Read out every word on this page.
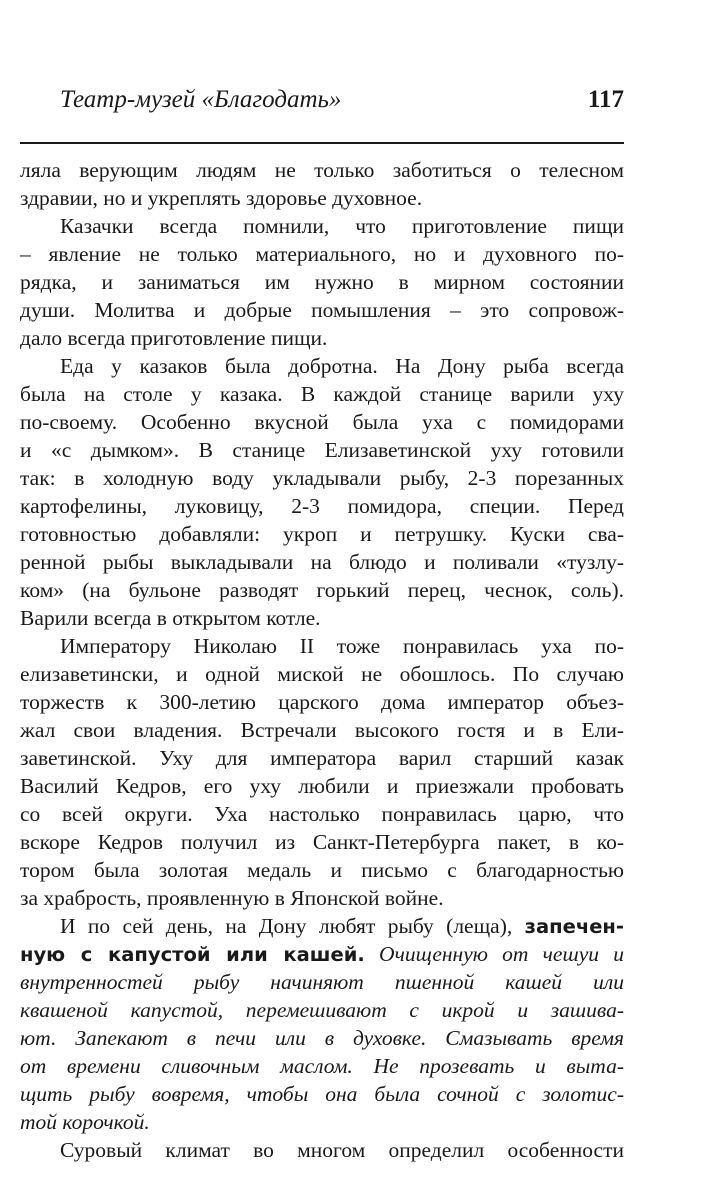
Театр-музей «Благодать»	117
ляла верующим людям не только заботиться о телесном
здравии, но и укреплять здоровье духовное.
Казачки всегда помнили, что приготовление пищи
– явление не только материального, но и духовного по-
рядка, и заниматься им нужно в мирном состоянии
души. Молитва и добрые помышления – это сопровож-
дало всегда приготовление пищи.
Еда у казаков была добротна. На Дону рыба всегда
была на столе у казака. В каждой станице варили уху
по-своему. Особенно вкусной была уха с помидорами
и «с дымком». В станице Елизаветинской уху готовили
так: в холодную воду укладывали рыбу, 2-3 порезанных
картофелины, луковицу, 2-3 помидора, специи. Перед
готовностью добавляли: укроп и петрушку. Куски сва-
ренной рыбы выкладывали на блюдо и поливали «тузлу-
ком» (на бульоне разводят горький перец, чеснок, соль).
Варили всегда в открытом котле.
Императору Николаю II тоже понравилась уха по-
елизаветински, и одной миской не обошлось. По случаю
торжеств к 300-летию царского дома император объез-
жал свои владения. Встречали высокого гостя и в Ели-
заветинской. Уху для императора варил старший казак
Василий Кедров, его уху любили и приезжали пробовать
со всей округи. Уха настолько понравилась царю, что
вскоре Кедров получил из Санкт-Петербурга пакет, в ко-
тором была золотая медаль и письмо с благодарностью
за храбрость, проявленную в Японской войне.
И по сей день, на Дону любят рыбу (леща), запечен-
ную с капустой или кашей. Очищенную от чешуи и
внутренностей рыбу начиняют пшенной кашей или
квашеной капустой, перемешивают с икрой и зашива-
ют. Запекают в печи или в духовке. Смазывать время
от времени сливочным маслом. Не прозевать и выта-
щить рыбу вовремя, чтобы она была сочной с золотис-
той корочкой.
Суровый климат во многом определил особенности
